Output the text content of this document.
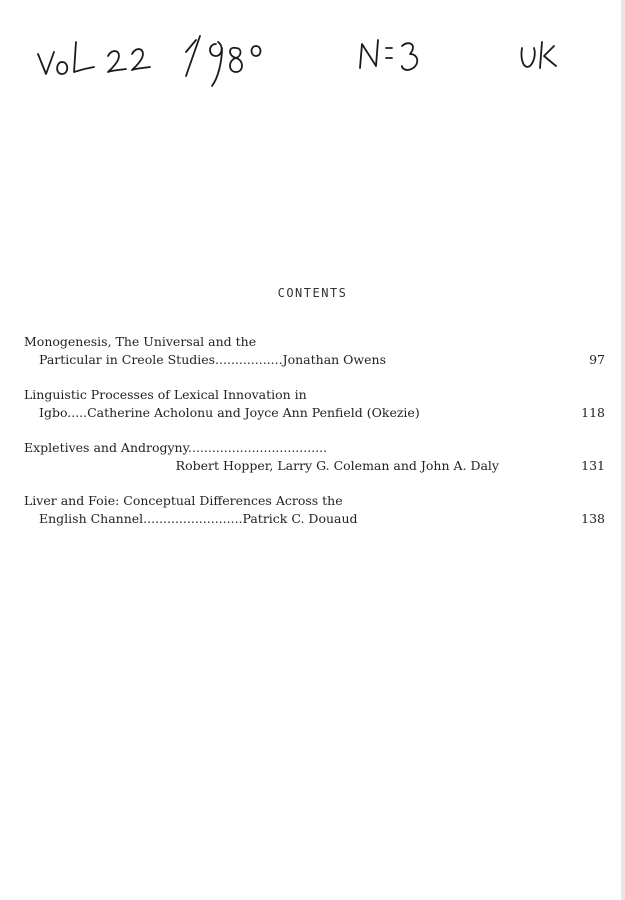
CONTENTS
Monogenesis, The Universal and the
Particular in Creole Studies.................Jonathan Owens	97
Linguistic Processes of Lexical Innovation in
Igbo.....Catherine Acholonu and Joyce Ann Penfield (Okezie)	118
Expletives and Androgyny...................................
Robert Hopper, Larry G. Coleman and John A. Daly	131
Liver and Foie: Conceptual Differences Across the
English Channel.........................Patrick C. Douaud	138
